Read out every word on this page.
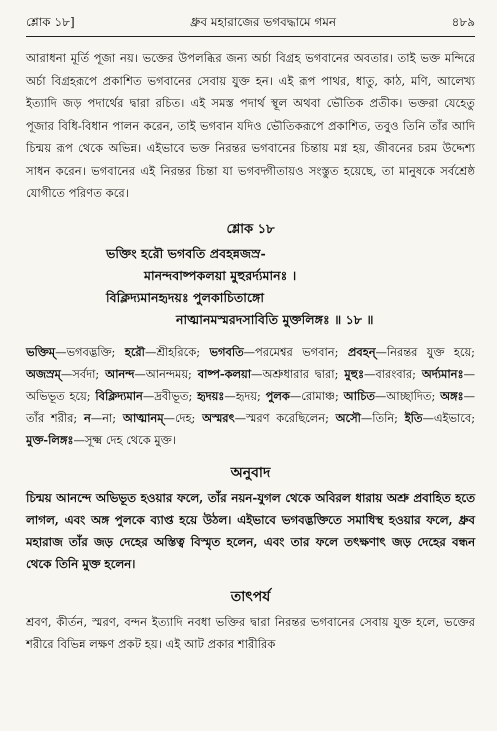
শ্লোক ১৮]	ধ্রুব মহারাজের ভগবদ্ধামে গমন	৪৮৯

আরাধনা মূর্তি পূজা নয়। ভক্তের উপলব্ধির জন্য অর্চা বিগ্রহ ভগবানের অবতার। তাই ভক্ত মন্দিরে অর্চা বিগ্রহরূপে প্রকাশিত ভগবানের সেবায় যুক্ত হন। এই রূপ পাথর, ধাতু, কাঠ, মণি, আলেখ্য ইত্যাদি জড় পদার্থের দ্বারা রচিত। এই সমস্ত পদার্থ স্থূল অথবা ভৌতিক প্রতীক। ভক্তরা যেহেতু পূজার বিধি-বিধান পালন করেন, তাই ভগবান যদিও ভৌতিকরূপে প্রকাশিত, তবুও তিনি তাঁর আদি চিন্ময় রূপ থেকে অভিন্ন। এইভাবে ভক্ত নিরন্তর ভগবানের চিন্তায় মগ্ন হয়, জীবনের চরম উদ্দেশ্য সাধন করেন। ভগবানের এই নিরন্তর চিন্তা যা ভগবদ্গীতায়ও সংস্তুত হয়েছে, তা মানুষকে সর্বশ্রেষ্ঠ যোগীতে পরিণত করে।

শ্লোক ১৮
ভক্তিং হরৌ ভগবতি প্রবহন্নজস্র-
মানন্দবাষ্পকলয়া মুহুরর্দ্যমানঃ ।
বিক্লিদ্যমানহৃদয়ঃ পুলকাচিতাঙ্গো
নাত্মানমস্মরদসাবিতি মুক্তলিঙ্গঃ ॥ ১৮ ॥

ভক্তিম্—ভগবদ্ভক্তি; হরৌ—শ্রীহরিকে; ভগবতি—পরমেশ্বর ভগবান; প্রবহন্—নিরন্তর যুক্ত হয়ে; অজস্রম্—সর্বদা; আনন্দ—আনন্দময়; বাষ্প-কলয়া—অশ্রুধারার দ্বারা; মুহুঃ—বারংবার; অর্দ্যমানঃ—অভিভূত হয়ে; বিক্লিদ্যমান—দ্রবীভূত; হৃদয়ঃ—হৃদয়; পুলক—রোমাঞ্চ; আচিত—আচ্ছাদিত; অঙ্গঃ—তাঁর শরীর; ন—না; আত্মানম্—দেহ; অস্মরৎ—স্মরণ করেছিলেন; অসৌ—তিনি; ইতি—এইভাবে; মুক্ত-লিঙ্গঃ—সূক্ষ্ম দেহ থেকে মুক্ত।

অনুবাদ

চিন্ময় আনন্দে অভিভূত হওয়ার ফলে, তাঁর নয়ন-যুগল থেকে অবিরল ধারায় অশ্রু প্রবাহিত হতে লাগল, এবং অঙ্গ পুলকে ব্যাপ্ত হয়ে উঠল। এইভাবে ভগবদ্ভক্তিতে সমাধিস্থ হওয়ার ফলে, ধ্রুব মহারাজ তাঁর জড় দেহের অস্তিত্ব বিস্মৃত হলেন, এবং তার ফলে তৎক্ষণাৎ জড় দেহের বন্ধন থেকে তিনি মুক্ত হলেন।

তাৎপর্য

শ্রবণ, কীর্তন, স্মরণ, বন্দন ইত্যাদি নবধা ভক্তির দ্বারা নিরন্তর ভগবানের সেবায় যুক্ত হলে, ভক্তের শরীরে বিভিন্ন লক্ষণ প্রকট হয়। এই আট প্রকার শারীরিক
